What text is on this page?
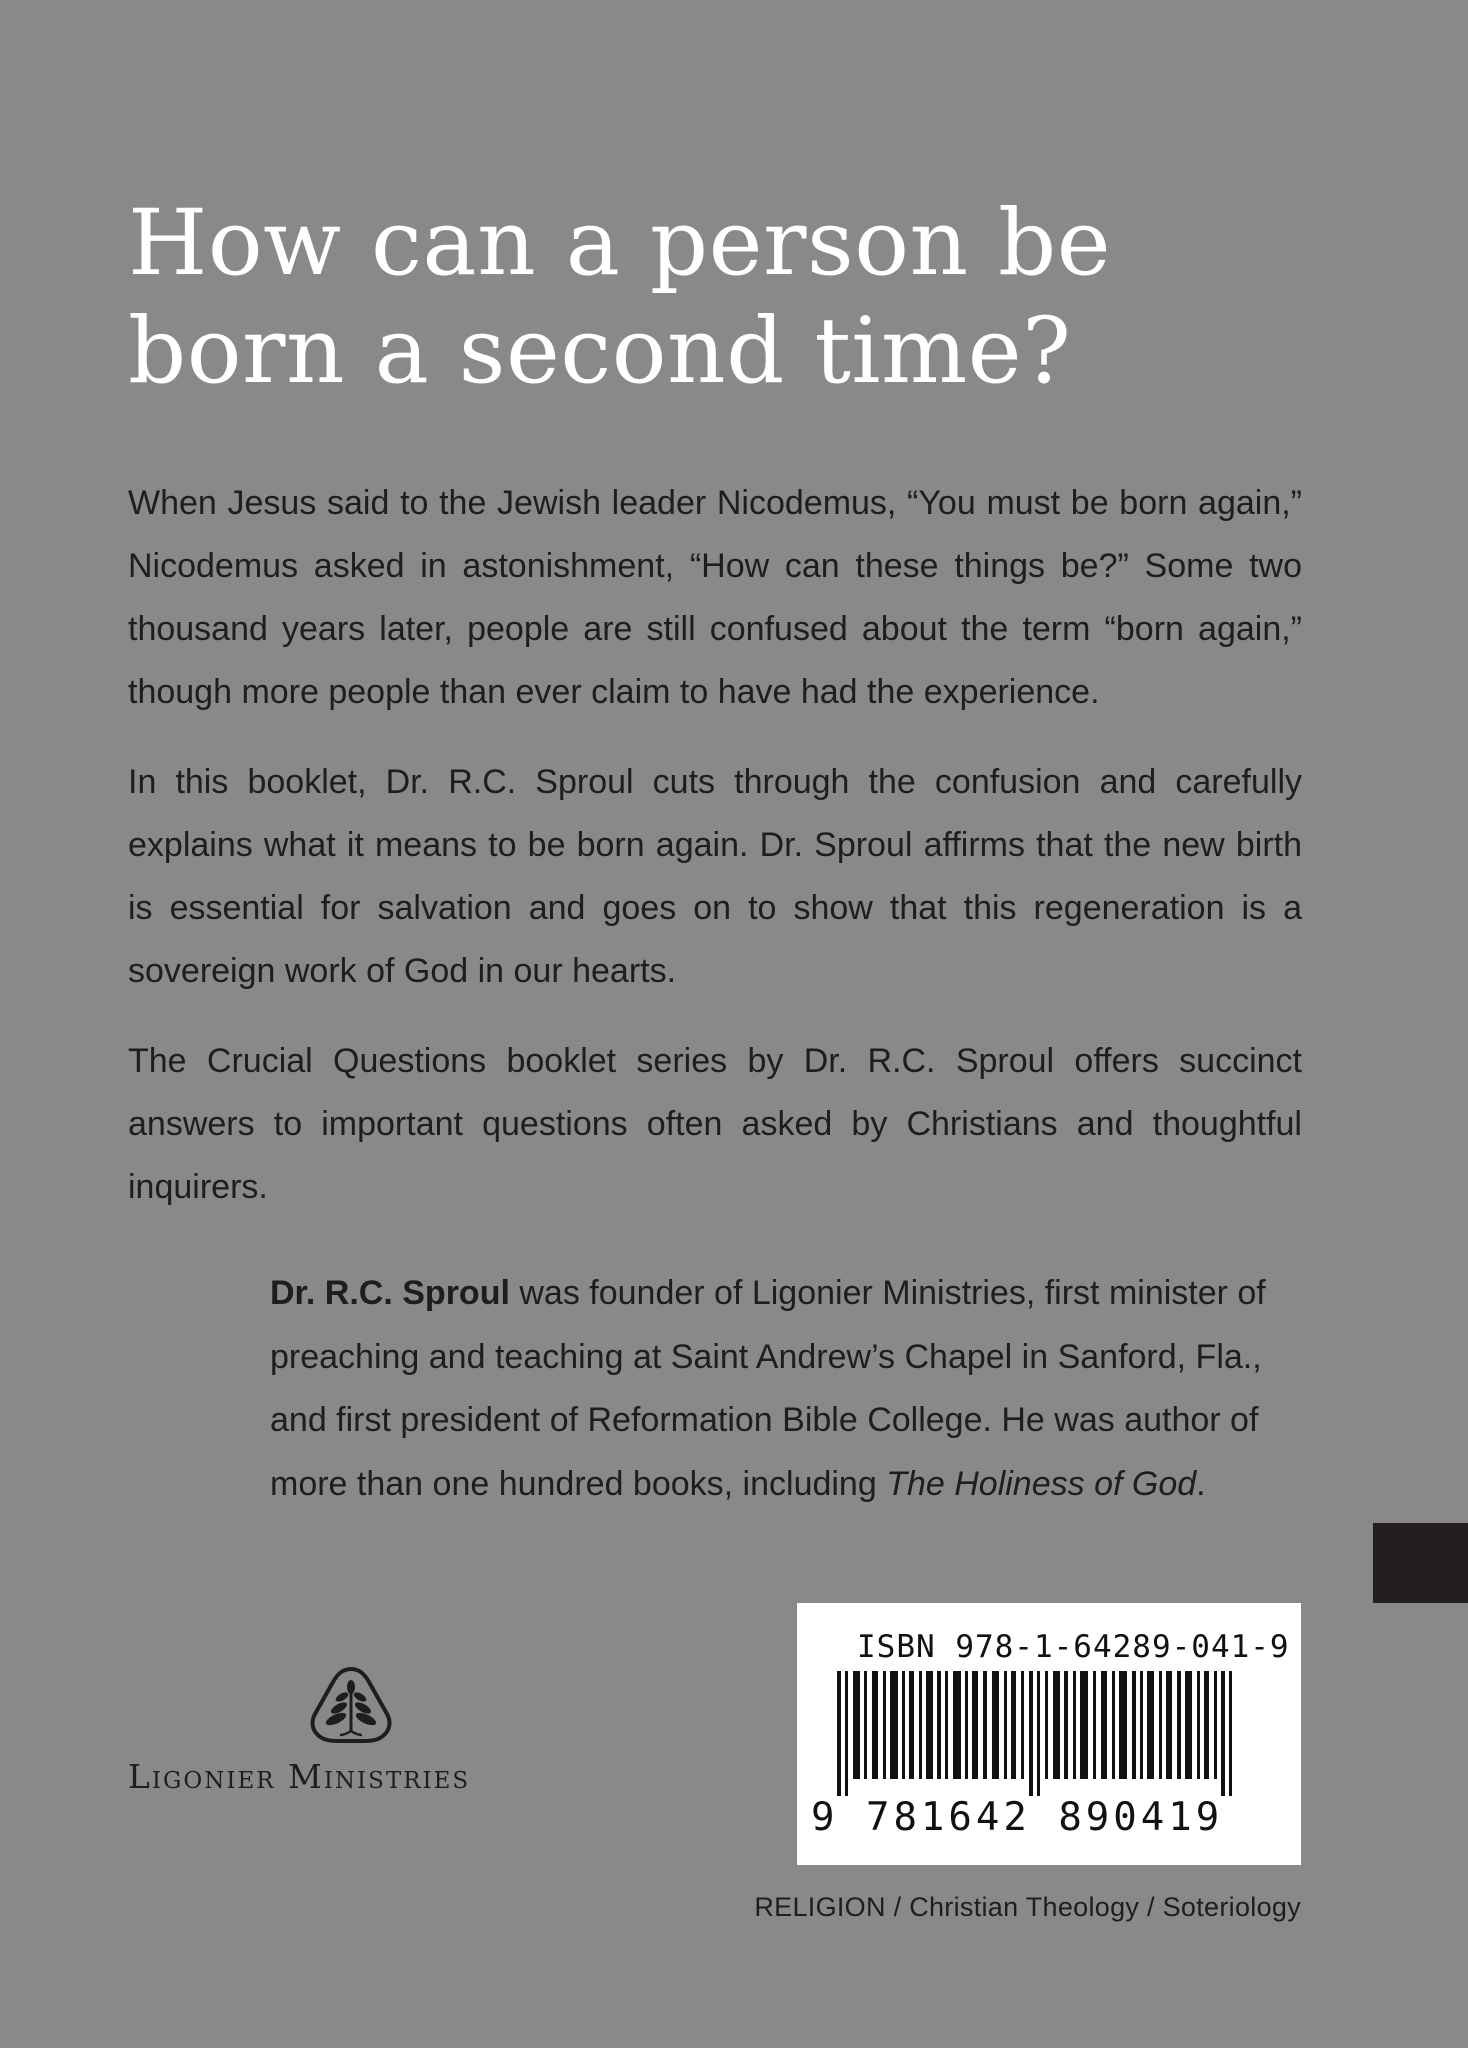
How can a person be
born a second time?

When Jesus said to the Jewish leader Nicodemus, “You must be born again,” Nicodemus asked in astonishment, “How can these things be?” Some two thousand years later, people are still confused about the term “born again,” though more people than ever claim to have had the experience.

In this booklet, Dr. R.C. Sproul cuts through the confusion and carefully explains what it means to be born again. Dr. Sproul affirms that the new birth is essential for salvation and goes on to show that this regeneration is a sovereign work of God in our hearts.

The Crucial Questions booklet series by Dr. R.C. Sproul offers succinct answers to important questions often asked by Christians and thoughtful inquirers.

Dr. R.C. Sproul was founder of Ligonier Ministries, first minister of preaching and teaching at Saint Andrew’s Chapel in Sanford, Fla., and first president of Reformation Bible College. He was author of more than one hundred books, including The Holiness of God.

Ligonier Ministries
ISBN 978-1-64289-041-9
9 781642 890419
RELIGION / Christian Theology / Soteriology
